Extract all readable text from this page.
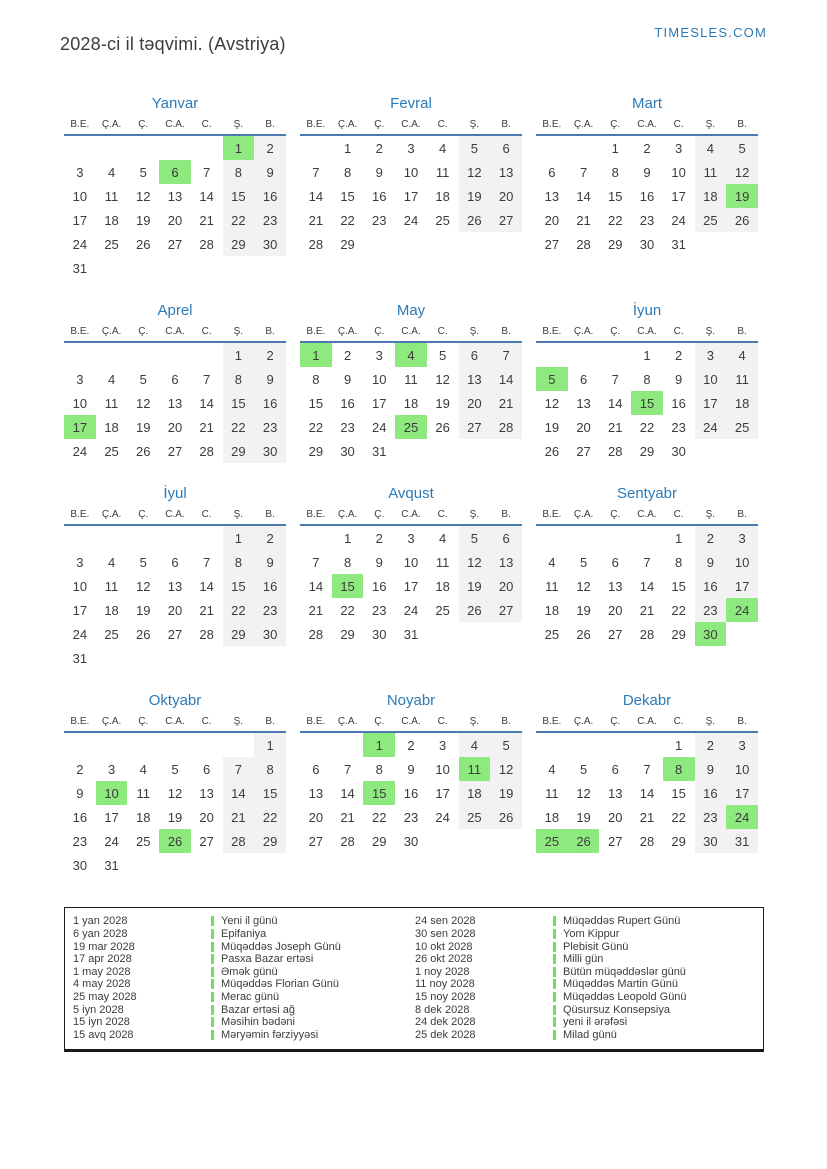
2028-ci il təqvimi. (Avstriya)
TIMESLES.COM
Yanvar
B.E.	Ç.A.	Ç.	C.A.	C.	Ş.	B.
					1	2
3	4	5	6	7	8	9
10	11	12	13	14	15	16
17	18	19	20	21	22	23
24	25	26	27	28	29	30
31						
Fevral
B.E.	Ç.A.	Ç.	C.A.	C.	Ş.	B.
	1	2	3	4	5	6
7	8	9	10	11	12	13
14	15	16	17	18	19	20
21	22	23	24	25	26	27
28	29					
Mart
B.E.	Ç.A.	Ç.	C.A.	C.	Ş.	B.
		1	2	3	4	5
6	7	8	9	10	11	12
13	14	15	16	17	18	19
20	21	22	23	24	25	26
27	28	29	30	31		
Aprel
B.E.	Ç.A.	Ç.	C.A.	C.	Ş.	B.
					1	2
3	4	5	6	7	8	9
10	11	12	13	14	15	16
17	18	19	20	21	22	23
24	25	26	27	28	29	30
May
B.E.	Ç.A.	Ç.	C.A.	C.	Ş.	B.
1	2	3	4	5	6	7
8	9	10	11	12	13	14
15	16	17	18	19	20	21
22	23	24	25	26	27	28
29	30	31				
İyun
B.E.	Ç.A.	Ç.	C.A.	C.	Ş.	B.
			1	2	3	4
5	6	7	8	9	10	11
12	13	14	15	16	17	18
19	20	21	22	23	24	25
26	27	28	29	30		
İyul
B.E.	Ç.A.	Ç.	C.A.	C.	Ş.	B.
					1	2
3	4	5	6	7	8	9
10	11	12	13	14	15	16
17	18	19	20	21	22	23
24	25	26	27	28	29	30
31						
Avqust
B.E.	Ç.A.	Ç.	C.A.	C.	Ş.	B.
	1	2	3	4	5	6
7	8	9	10	11	12	13
14	15	16	17	18	19	20
21	22	23	24	25	26	27
28	29	30	31			
Sentyabr
B.E.	Ç.A.	Ç.	C.A.	C.	Ş.	B.
				1	2	3
4	5	6	7	8	9	10
11	12	13	14	15	16	17
18	19	20	21	22	23	24
25	26	27	28	29	30	
Oktyabr
B.E.	Ç.A.	Ç.	C.A.	C.	Ş.	B.
						1
2	3	4	5	6	7	8
9	10	11	12	13	14	15
16	17	18	19	20	21	22
23	24	25	26	27	28	29
30	31					
Noyabr
B.E.	Ç.A.	Ç.	C.A.	C.	Ş.	B.
		1	2	3	4	5
6	7	8	9	10	11	12
13	14	15	16	17	18	19
20	21	22	23	24	25	26
27	28	29	30			
Dekabr
B.E.	Ç.A.	Ç.	C.A.	C.	Ş.	B.
				1	2	3
4	5	6	7	8	9	10
11	12	13	14	15	16	17
18	19	20	21	22	23	24
25	26	27	28	29	30	31
1 yan 2028	Yeni il günü
6 yan 2028	Epifaniya
19 mar 2028	Müqəddəs Joseph Günü
17 apr 2028	Pasxa Bazar ertəsi
1 may 2028	Əmək günü
4 may 2028	Müqəddəs Florian Günü
25 may 2028	Merac günü
5 iyn 2028	Bazar ertəsi ağ
15 iyn 2028	Məsihin bədəni
15 avq 2028	Məryəmin fərziyyəsi
24 sen 2028	Müqəddəs Rupert Günü
30 sen 2028	Yom Kippur
10 okt 2028	Plebisit Günü
26 okt 2028	Milli gün
1 noy 2028	Bütün müqəddəslər günü
11 noy 2028	Müqəddəs Martin Günü
15 noy 2028	Müqəddəs Leopold Günü
8 dek 2028	Qüsursuz Konsepsiya
24 dek 2028	yeni il ərəfəsi
25 dek 2028	Milad günü
